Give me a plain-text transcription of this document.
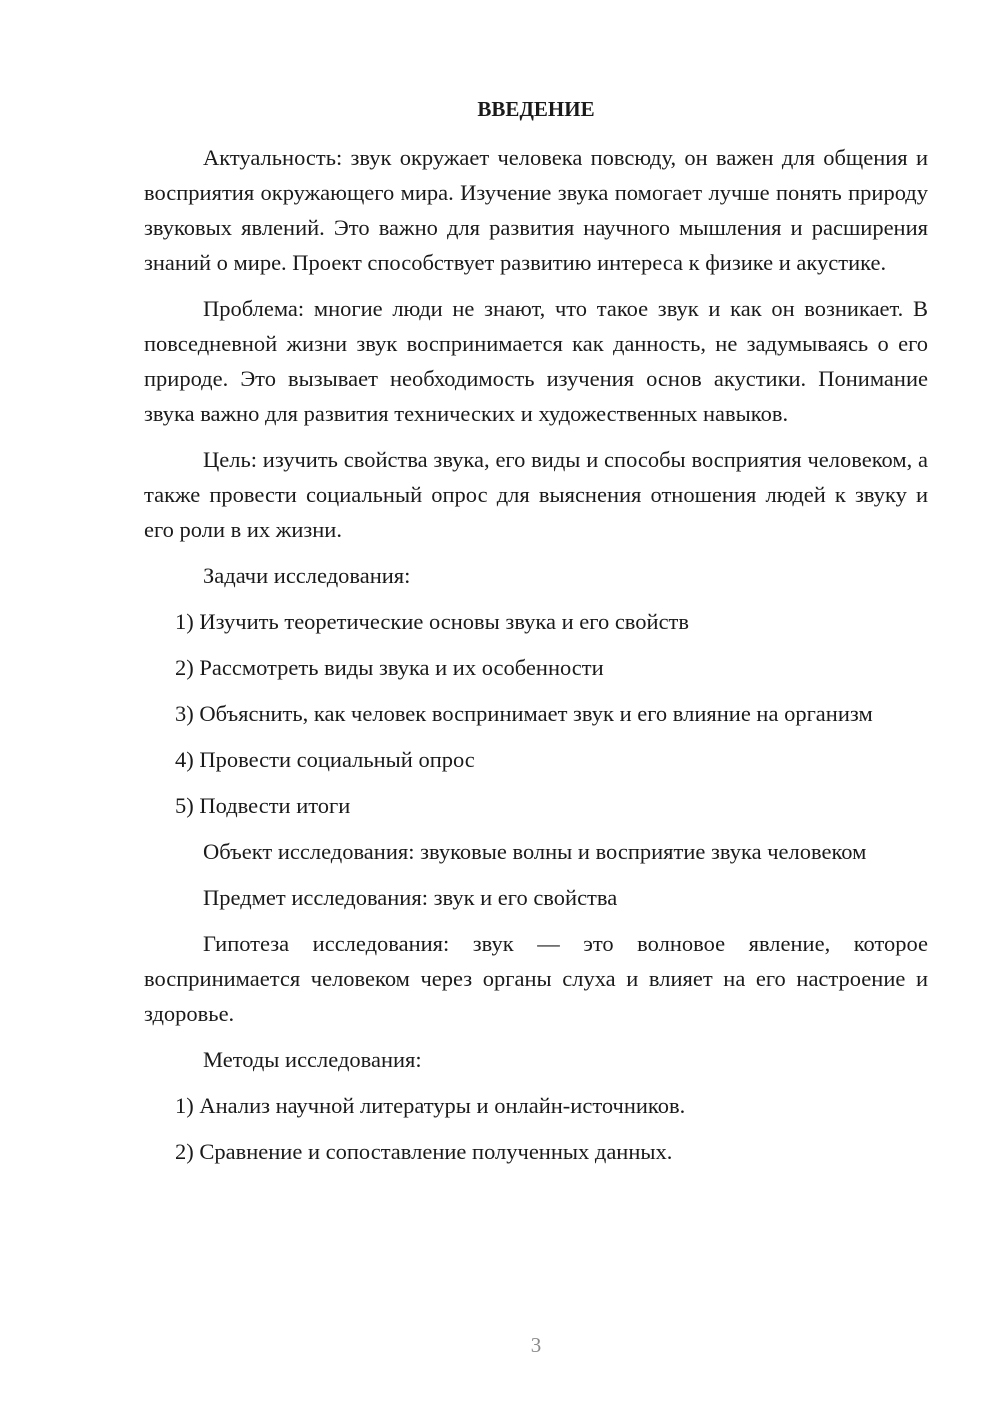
ВВЕДЕНИЕ

Актуальность: звук окружает человека повсюду, он важен для общения и восприятия окружающего мира. Изучение звука помогает лучше понять природу звуковых явлений. Это важно для развития научного мышления и расширения знаний о мире. Проект способствует развитию интереса к физике и акустике.

Проблема: многие люди не знают, что такое звук и как он возникает. В повседневной жизни звук воспринимается как данность, не задумываясь о его природе. Это вызывает необходимость изучения основ акустики. Понимание звука важно для развития технических и художественных навыков.

Цель: изучить свойства звука, его виды и способы восприятия человеком, а также провести социальный опрос для выяснения отношения людей к звуку и его роли в их жизни.

Задачи исследования:

1) Изучить теоретические основы звука и его свойств

2) Рассмотреть виды звука и их особенности

3) Объяснить, как человек воспринимает звук и его влияние на организм

4) Провести социальный опрос

5) Подвести итоги

Объект исследования: звуковые волны и восприятие звука человеком

Предмет исследования: звук и его свойства

Гипотеза исследования: звук — это волновое явление, которое воспринимается человеком через органы слуха и влияет на его настроение и здоровье.

Методы исследования:

1) Анализ научной литературы и онлайн-источников.

2) Сравнение и сопоставление полученных данных.

3
